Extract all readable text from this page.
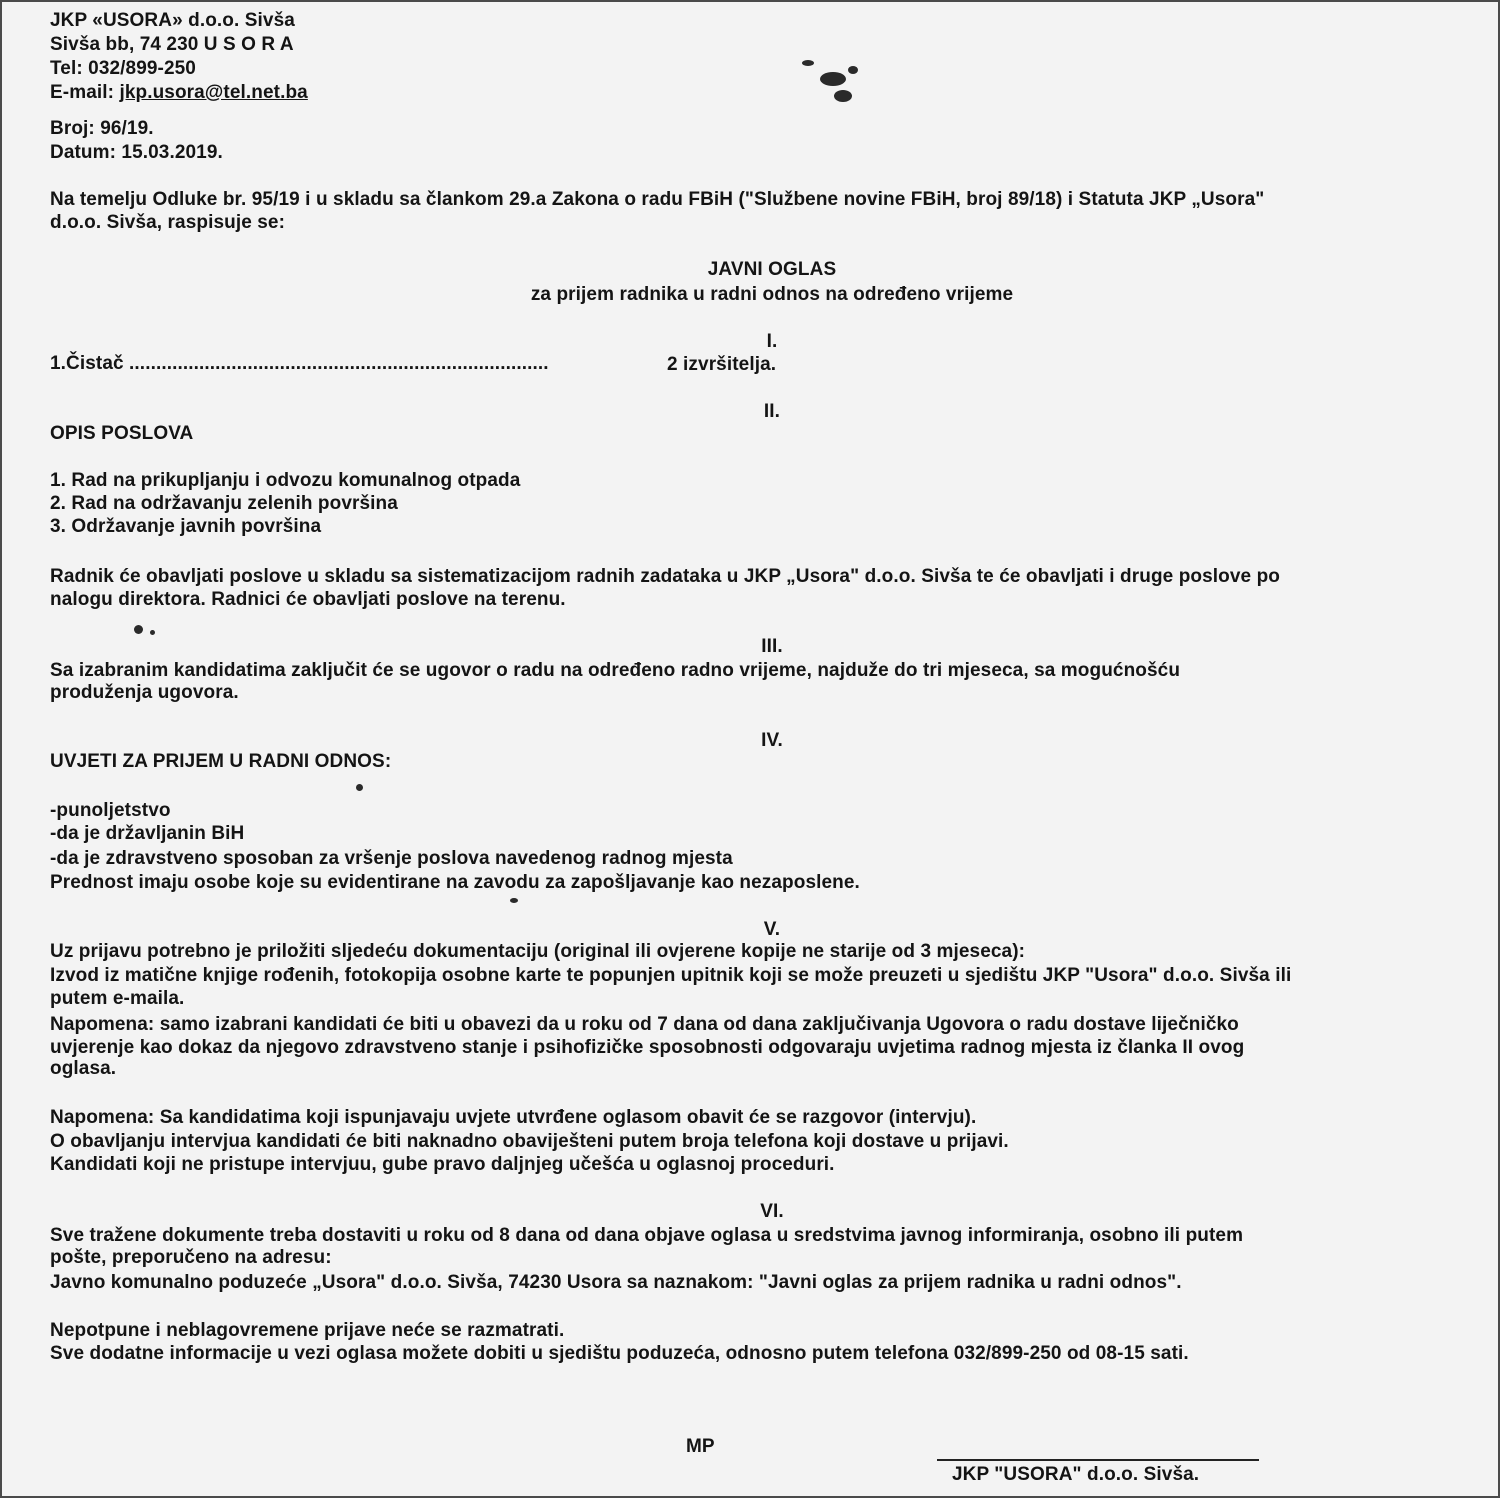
JKP «USORA» d.o.o. Sivša
Sivša bb, 74 230 U S O R A
Tel: 032/899-250
E-mail: jkp.usora@tel.net.ba
Broj: 96/19.
Datum: 15.03.2019.
Na temelju Odluke br. 95/19 i u skladu sa člankom 29.a Zakona o radu FBiH ("Službene novine FBiH, broj 89/18) i Statuta JKP „Usora"
d.o.o. Sivša, raspisuje se:
JAVNI OGLAS
za prijem radnika u radni odnos na određeno vrijeme
I.
1.Čistač ..............................................................................	2 izvršitelja.
II.
OPIS POSLOVA
1. Rad na prikupljanju i odvozu komunalnog otpada
2. Rad na održavanju zelenih površina
3. Održavanje javnih površina
Radnik će obavljati poslove u skladu sa sistematizacijom radnih zadataka u JKP „Usora" d.o.o. Sivša te će obavljati i druge poslove po
nalogu direktora. Radnici će obavljati poslove na terenu.
III.
Sa izabranim kandidatima zaključit će se ugovor o radu na određeno radno vrijeme, najduže do tri mjeseca, sa mogućnošću
produženja ugovora.
IV.
UVJETI ZA PRIJEM U RADNI ODNOS:
-punoljetstvo
-da je državljanin BiH
-da je zdravstveno sposoban za vršenje poslova navedenog radnog mjesta
Prednost imaju osobe koje su evidentirane na zavodu za zapošljavanje kao nezaposlene.
V.
Uz prijavu potrebno je priložiti sljedeću dokumentaciju (original ili ovjerene kopije ne starije od 3 mjeseca):
Izvod iz matične knjige rođenih, fotokopija osobne karte te popunjen upitnik koji se može preuzeti u sjedištu JKP "Usora" d.o.o. Sivša ili
putem e-maila.
Napomena: samo izabrani kandidati će biti u obavezi da u roku od 7 dana od dana zaključivanja Ugovora o radu dostave liječničko
uvjerenje kao dokaz da njegovo zdravstveno stanje i psihofizičke sposobnosti odgovaraju uvjetima radnog mjesta iz članka II ovog
oglasa.
Napomena: Sa kandidatima koji ispunjavaju uvjete utvrđene oglasom obavit će se razgovor (intervju).
O obavljanju intervjua kandidati će biti naknadno obaviješteni putem broja telefona koji dostave u prijavi.
Kandidati koji ne pristupe intervjuu, gube pravo daljnjeg učešća u oglasnoj proceduri.
VI.
Sve tražene dokumente treba dostaviti u roku od 8 dana od dana objave oglasa u sredstvima javnog informiranja, osobno ili putem
pošte, preporučeno na adresu:
Javno komunalno poduzeće „Usora" d.o.o. Sivša, 74230 Usora sa naznakom: "Javni oglas za prijem radnika u radni odnos".
Nepotpune i neblagovremene prijave neće se razmatrati.
Sve dodatne informacije u vezi oglasa možete dobiti u sjedištu poduzeća, odnosno putem telefona 032/899-250 od 08-15 sati.
MP
JKP "USORA" d.o.o. Sivša.
